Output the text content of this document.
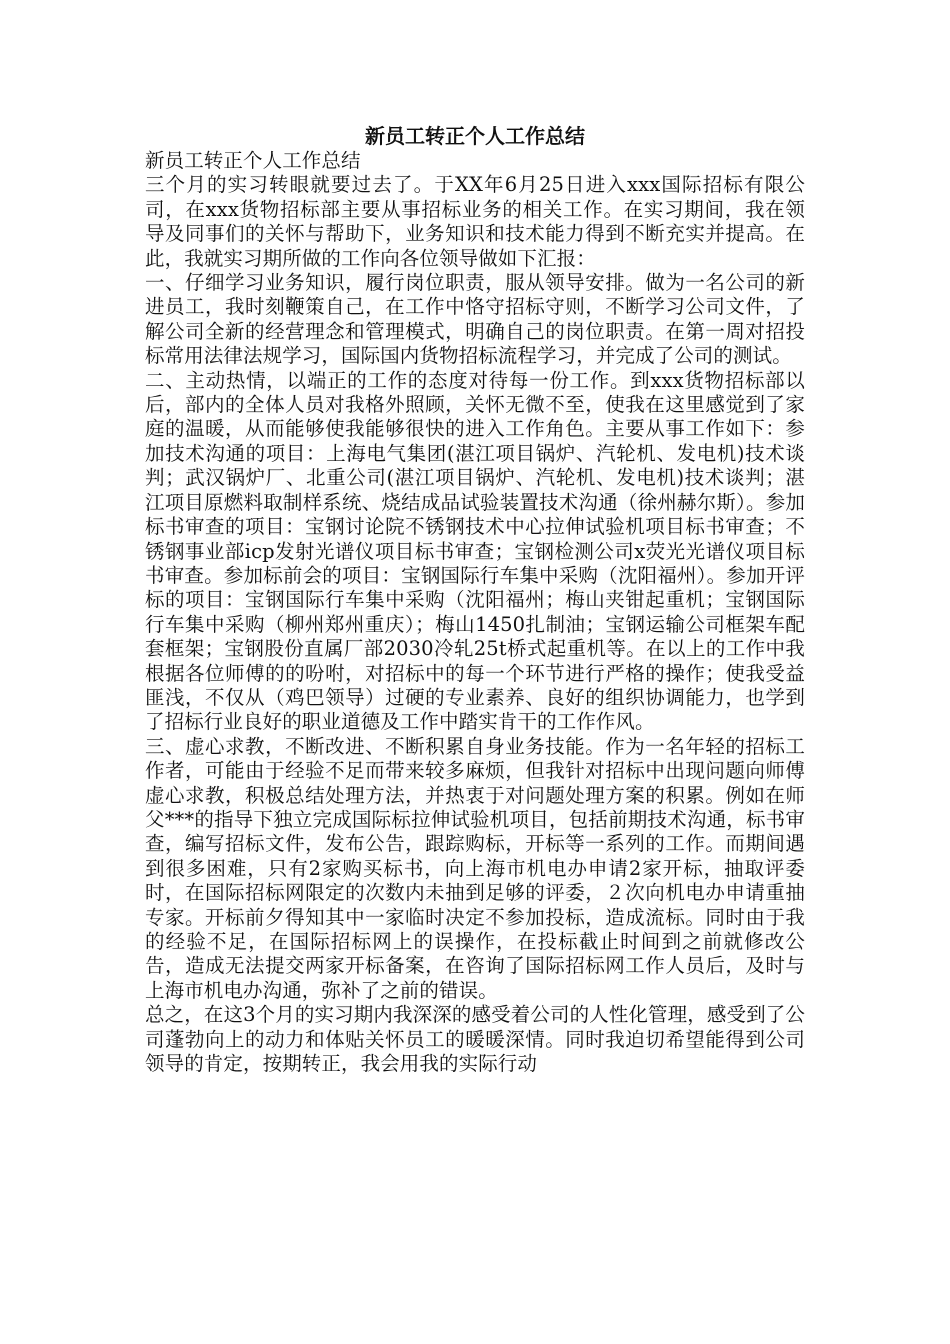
新员工转正个人工作总结

新员工转正个人工作总结

三个月的实习转眼就要过去了。于XX年6月25日进入xxx国际招标有限公司，在xxx货物招标部主要从事招标业务的相关工作。在实习期间，我在领导及同事们的关怀与帮助下，业务知识和技术能力得到不断充实并提高。在此，我就实习期所做的工作向各位领导做如下汇报：

一、仔细学习业务知识，履行岗位职责，服从领导安排。做为一名公司的新进员工，我时刻鞭策自己，在工作中恪守招标守则，不断学习公司文件，了解公司全新的经营理念和管理模式，明确自己的岗位职责。在第一周对招投标常用法律法规学习，国际国内货物招标流程学习，并完成了公司的测试。

二、主动热情，以端正的工作的态度对待每一份工作。到xxx货物招标部以后，部内的全体人员对我格外照顾，关怀无微不至，使我在这里感觉到了家庭的温暖，从而能够使我能够很快的进入工作角色。主要从事工作如下：参加技术沟通的项目：上海电气集团(湛江项目锅炉、汽轮机、发电机)技术谈判；武汉锅炉厂、北重公司(湛江项目锅炉、汽轮机、发电机)技术谈判；湛江项目原燃料取制样系统、烧结成品试验装置技术沟通（徐州赫尔斯）。参加标书审查的项目：宝钢讨论院不锈钢技术中心拉伸试验机项目标书审查；不锈钢事业部icp发射光谱仪项目标书审查；宝钢检测公司x荧光光谱仪项目标书审查。参加标前会的项目：宝钢国际行车集中采购（沈阳福州）。参加开评标的项目：宝钢国际行车集中采购（沈阳福州；梅山夹钳起重机；宝钢国际行车集中采购（柳州郑州重庆）；梅山1450扎制油；宝钢运输公司框架车配套框架；宝钢股份直属厂部2030冷轧25t桥式起重机等。在以上的工作中我根据各位师傅的的吩咐，对招标中的每一个环节进行严格的操作；使我受益匪浅，不仅从（鸡巴领导）过硬的专业素养、良好的组织协调能力，也学到了招标行业良好的职业道德及工作中踏实肯干的工作作风。

三、虚心求教，不断改进、不断积累自身业务技能。作为一名年轻的招标工作者，可能由于经验不足而带来较多麻烦，但我针对招标中出现问题向师傅虚心求教，积极总结处理方法，并热衷于对问题处理方案的积累。例如在师父***的指导下独立完成国际标拉伸试验机项目，包括前期技术沟通，标书审查，编写招标文件，发布公告，跟踪购标，开标等一系列的工作。而期间遇到很多困难，只有2家购买标书，向上海市机电办申请2家开标，抽取评委时，在国际招标网限定的次数内未抽到足够的评委，２次向机电办申请重抽专家。开标前夕得知其中一家临时决定不参加投标，造成流标。同时由于我的经验不足，在国际招标网上的误操作，在投标截止时间到之前就修改公告，造成无法提交两家开标备案，在咨询了国际招标网工作人员后，及时与上海市机电办沟通，弥补了之前的错误。

总之，在这3个月的实习期内我深深的感受着公司的人性化管理，感受到了公司蓬勃向上的动力和体贴关怀员工的暖暖深情。同时我迫切希望能得到公司领导的肯定，按期转正，我会用我的实际行动
